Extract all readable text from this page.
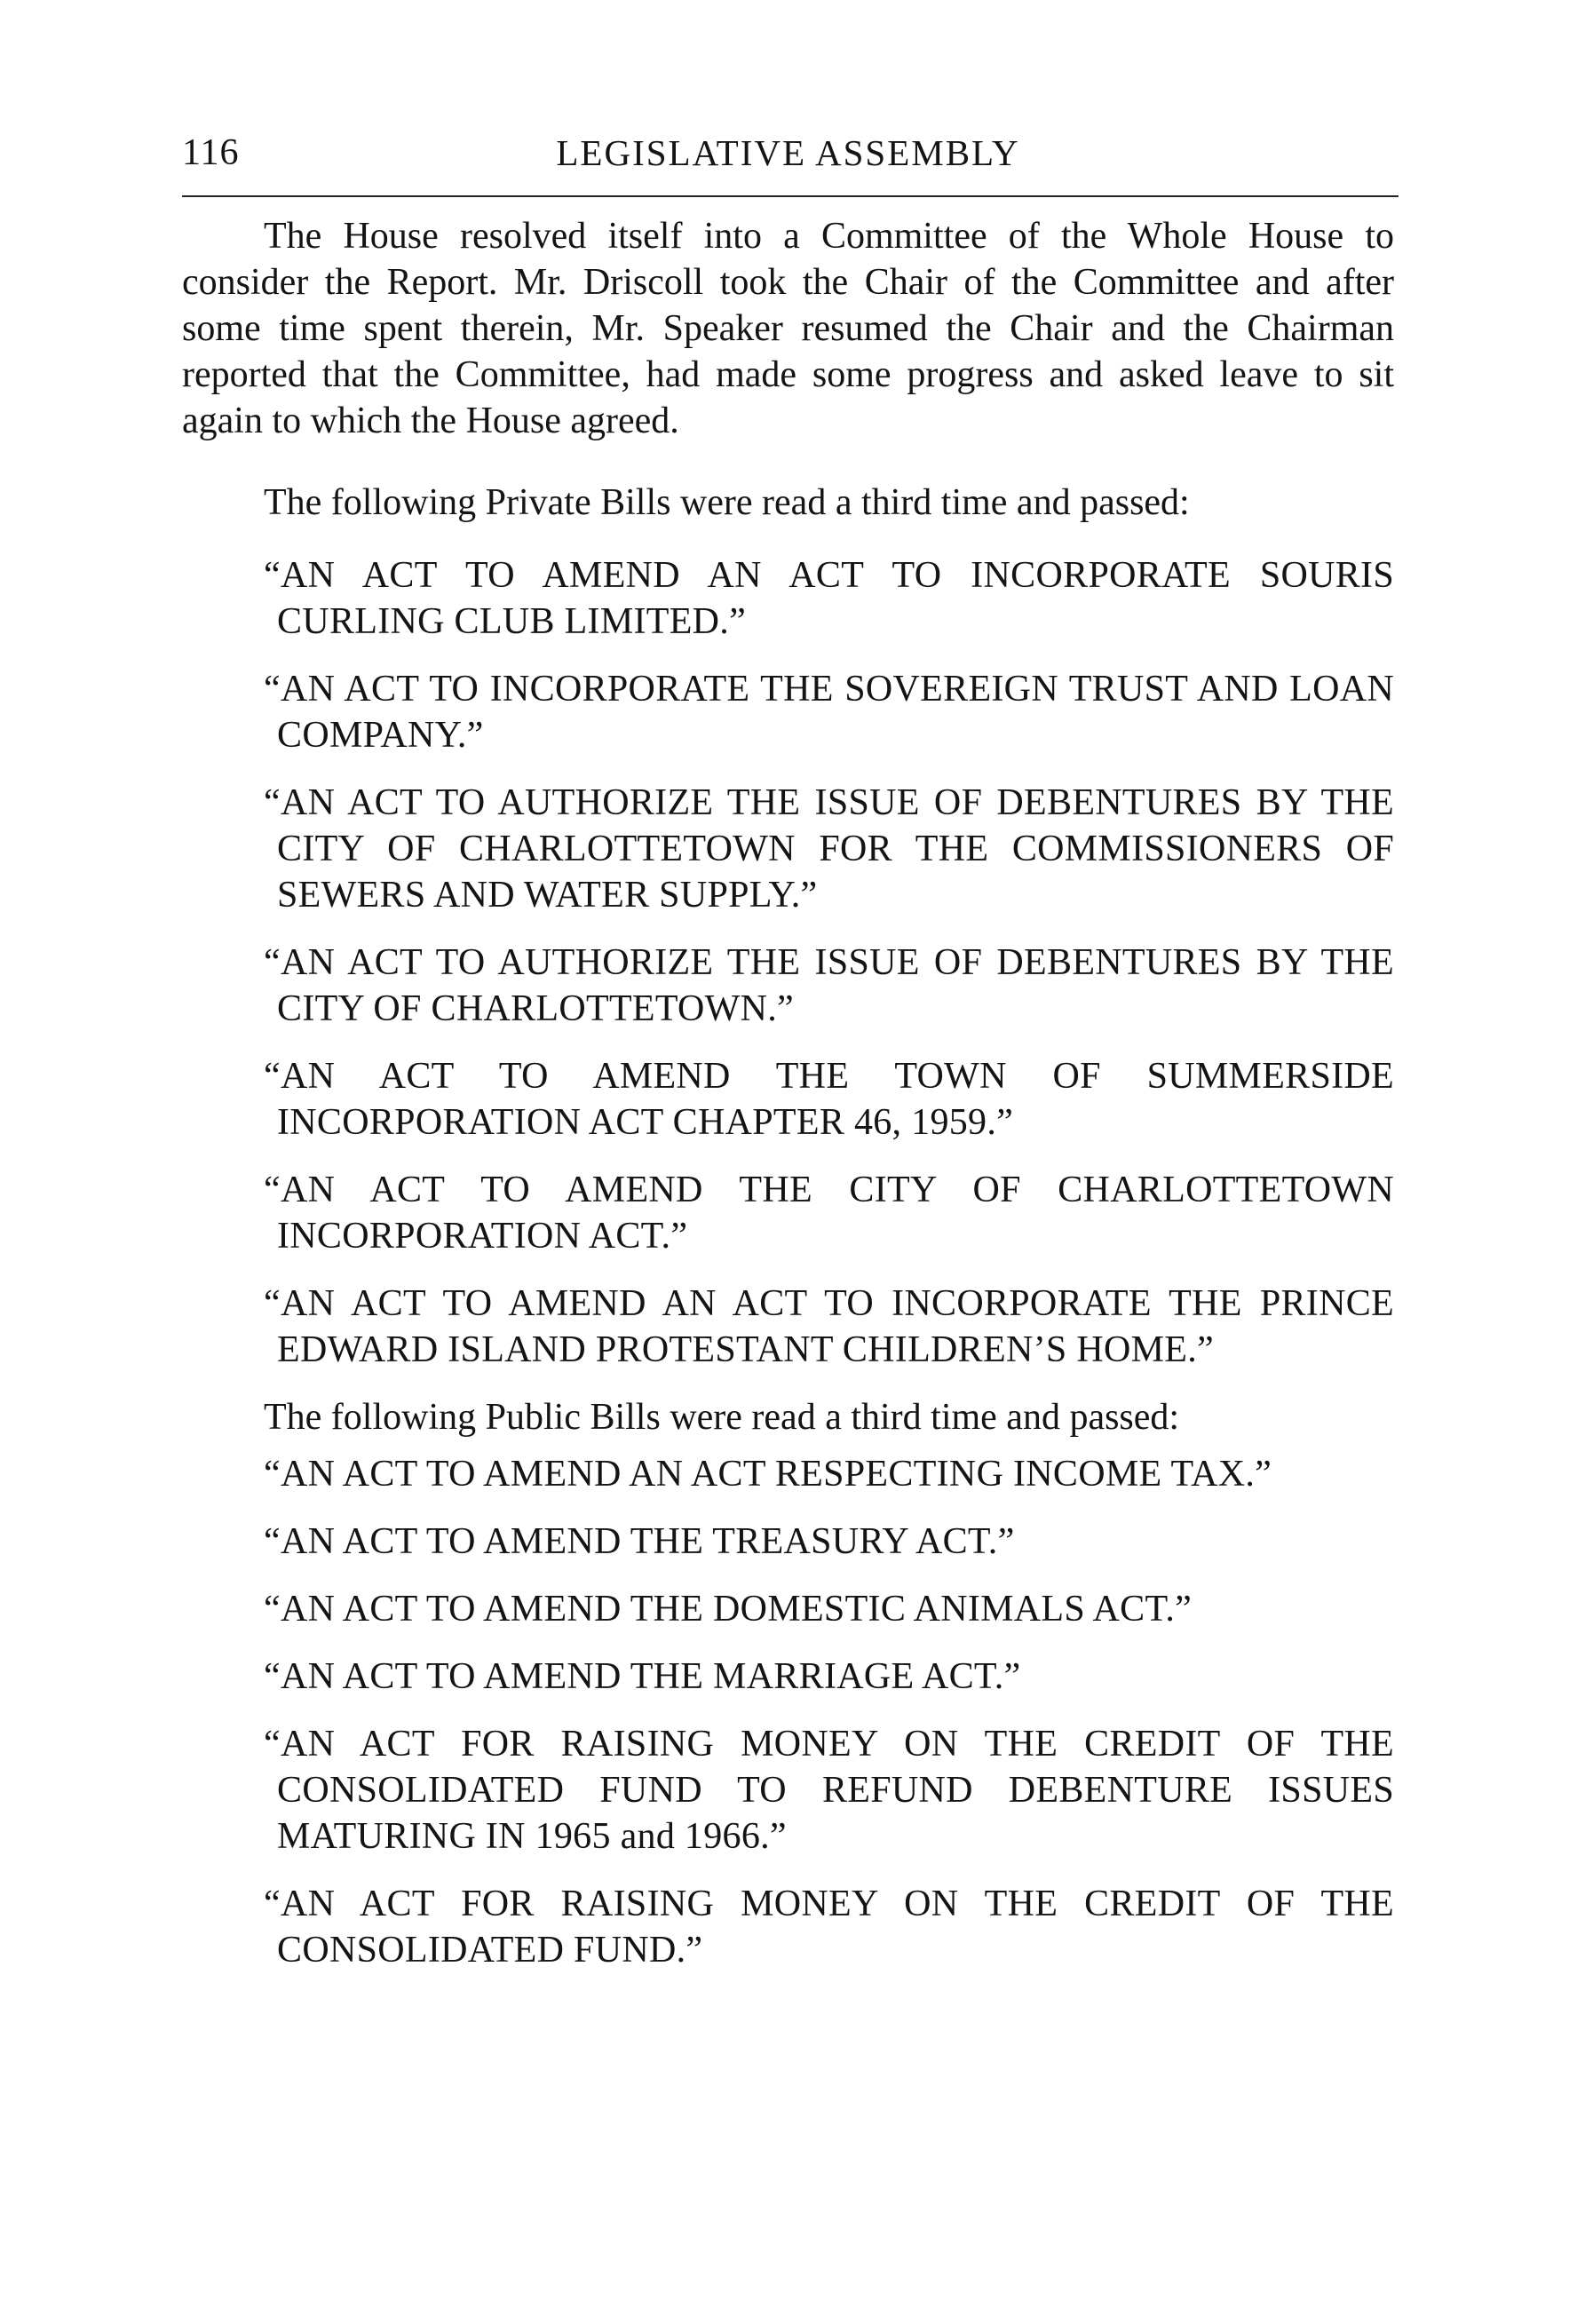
116	LEGISLATIVE ASSEMBLY

The House resolved itself into a Committee of the Whole House to consider the Report. Mr. Driscoll took the Chair of the Committee and after some time spent therein, Mr. Speaker resumed the Chair and the Chairman reported that the Committee, had made some progress and asked leave to sit again to which the House agreed.

The following Private Bills were read a third time and passed:

“AN ACT TO AMEND AN ACT TO INCORPORATE SOURIS CURLING CLUB LIMITED.”
“AN ACT TO INCORPORATE THE SOVEREIGN TRUST AND LOAN COMPANY.”
“AN ACT TO AUTHORIZE THE ISSUE OF DEBENTURES BY THE CITY OF CHARLOTTETOWN FOR THE COMMISSIONERS OF SEWERS AND WATER SUPPLY.”
“AN ACT TO AUTHORIZE THE ISSUE OF DEBENTURES BY THE CITY OF CHARLOTTETOWN.”
“AN ACT TO AMEND THE TOWN OF SUMMERSIDE INCORPORATION ACT CHAPTER 46, 1959.”
“AN ACT TO AMEND THE CITY OF CHARLOTTETOWN INCORPORATION ACT.”
“AN ACT TO AMEND AN ACT TO INCORPORATE THE PRINCE EDWARD ISLAND PROTESTANT CHILDREN’S HOME.”

The following Public Bills were read a third time and passed:

“AN ACT TO AMEND AN ACT RESPECTING INCOME TAX.”
“AN ACT TO AMEND THE TREASURY ACT.”
“AN ACT TO AMEND THE DOMESTIC ANIMALS ACT.”
“AN ACT TO AMEND THE MARRIAGE ACT.”
“AN ACT FOR RAISING MONEY ON THE CREDIT OF THE CONSOLIDATED FUND TO REFUND DEBENTURE ISSUES MATURING IN 1965 and 1966.”
“AN ACT FOR RAISING MONEY ON THE CREDIT OF THE CONSOLIDATED FUND.”
